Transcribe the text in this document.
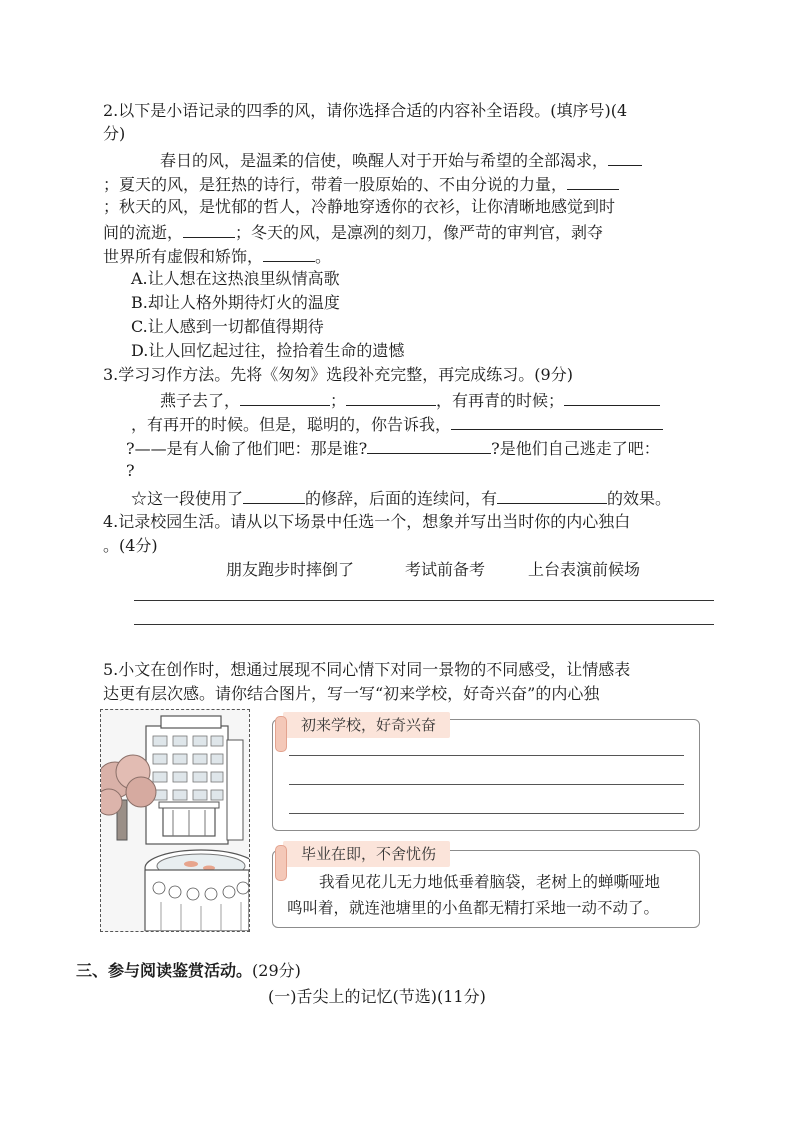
2.以下是小语记录的四季的风，请你选择合适的内容补全语段。(填序号)(4
分)
春日的风，是温柔的信使，唤醒人对于开始与希望的全部渴求，
；夏天的风，是狂热的诗行，带着一股原始的、不由分说的力量，
；秋天的风，是忧郁的哲人，冷静地穿透你的衣衫，让你清晰地感觉到时
间的流逝，	；冬天的风，是凛冽的刻刀，像严苛的审判官，剥夺
世界所有虚假和矫饰，	。
A.让人想在这热浪里纵情高歌
B.却让人格外期待灯火的温度
C.让人感到一切都值得期待
D.让人回忆起过往，捡拾着生命的遗憾
3.学习习作方法。先将《匆匆》选段补充完整，再完成练习。(9分)
燕子去了，	；	，有再青的时候；
，有再开的时候。但是，聪明的，你告诉我，
?——是有人偷了他们吧：那是谁?	?是他们自己逃走了吧：
?
☆这一段使用了	的修辞，后面的连续问，有	的效果。
4.记录校园生活。请从以下场景中任选一个，想象并写出当时你的内心独白
。(4分)
朋友跑步时摔倒了	考试前备考	上台表演前候场
5.小文在创作时，想通过展现不同心情下对同一景物的不同感受，让情感表
达更有层次感。请你结合图片，写一写“初来学校，好奇兴奋”的内心独
初来学校，好奇兴奋
毕业在即，不舍忧伤
我看见花儿无力地低垂着脑袋，老树上的蝉嘶哑地
鸣叫着，就连池塘里的小鱼都无精打采地一动不动了。
三、参与阅读鉴赏活动。(29分)
(一)舌尖上的记忆(节选)(11分)
